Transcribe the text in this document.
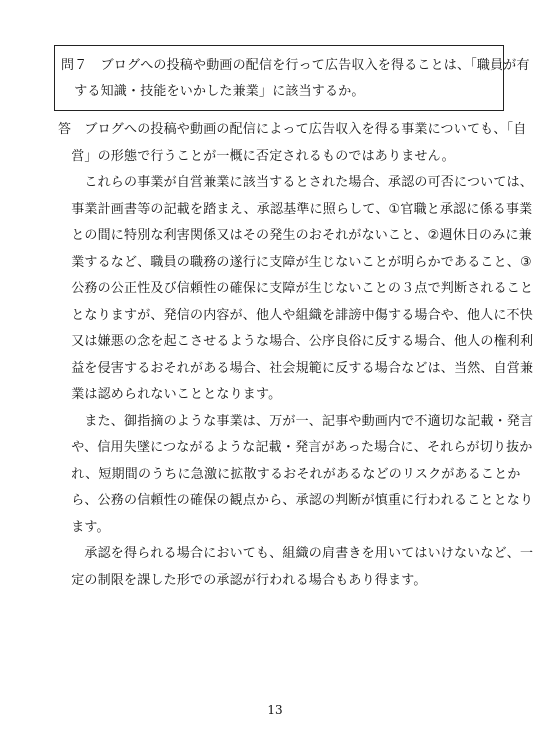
問７　ブログへの投稿や動画の配信を行って広告収入を得ることは、「職員が有
　する知識・技能をいかした兼業」に該当するか。
答　ブログへの投稿や動画の配信によって広告収入を得る事業についても、「自
　営」の形態で行うことが一概に否定されるものではありません。
　　これらの事業が自営兼業に該当するとされた場合、承認の可否については、
　事業計画書等の記載を踏まえ、承認基準に照らして、①官職と承認に係る事業
　との間に特別な利害関係又はその発生のおそれがないこと、②週休日のみに兼
　業するなど、職員の職務の遂行に支障が生じないことが明らかであること、③
　公務の公正性及び信頼性の確保に支障が生じないことの３点で判断されること
　となりますが、発信の内容が、他人や組織を誹謗中傷する場合や、他人に不快
　又は嫌悪の念を起こさせるような場合、公序良俗に反する場合、他人の権利利
　益を侵害するおそれがある場合、社会規範に反する場合などは、当然、自営兼
　業は認められないこととなります。
　　また、御指摘のような事業は、万が一、記事や動画内で不適切な記載・発言
　や、信用失墜につながるような記載・発言があった場合に、それらが切り抜か
　れ、短期間のうちに急激に拡散するおそれがあるなどのリスクがあることか
　ら、公務の信頼性の確保の観点から、承認の判断が慎重に行われることとなり
　ます。
　　承認を得られる場合においても、組織の肩書きを用いてはいけないなど、一
　定の制限を課した形での承認が行われる場合もあり得ます。
13
